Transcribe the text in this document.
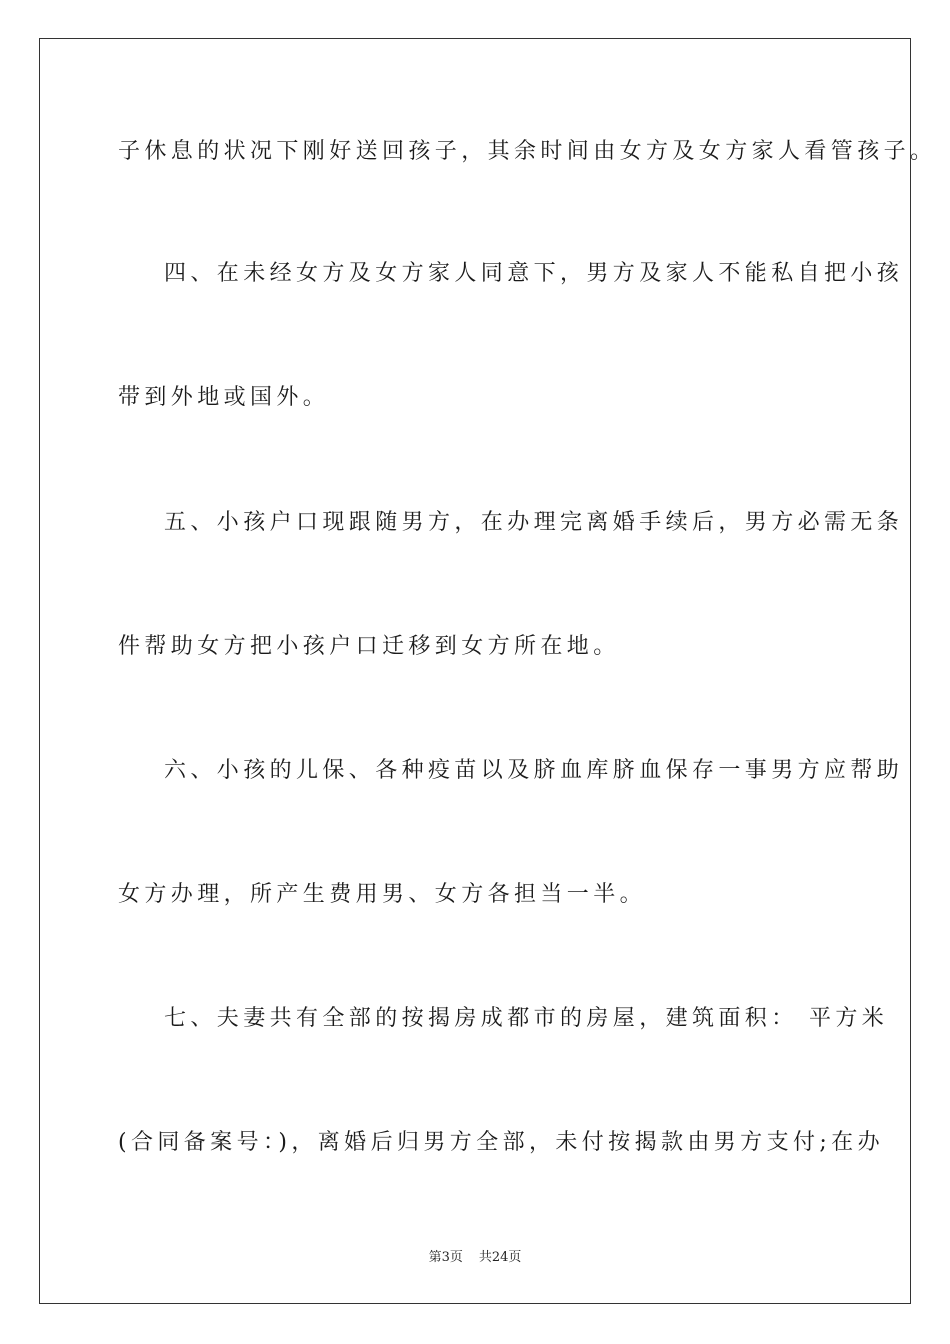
子休息的状况下刚好送回孩子，其余时间由女方及女方家人看管孩子。
四、在未经女方及女方家人同意下，男方及家人不能私自把小孩
带到外地或国外。
五、小孩户口现跟随男方，在办理完离婚手续后，男方必需无条
件帮助女方把小孩户口迁移到女方所在地。
六、小孩的儿保、各种疫苗以及脐血库脐血保存一事男方应帮助
女方办理，所产生费用男、女方各担当一半。
七、夫妻共有全部的按揭房成都市的房屋，建筑面积： 平方米
(合同备案号：)，离婚后归男方全部，未付按揭款由男方支付;在办
第3页 共24页
